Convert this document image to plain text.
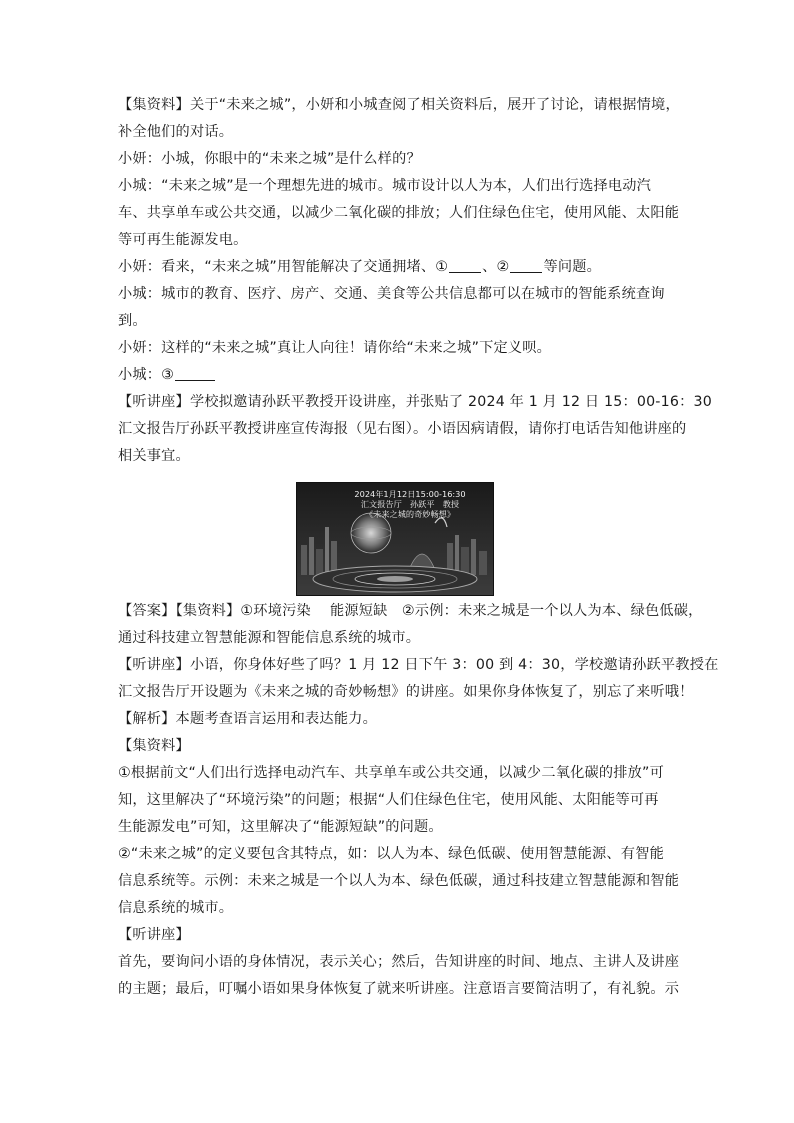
【集资料】关于“未来之城”，小妍和小城查阅了相关资料后，展开了讨论，请根据情境，
补全他们的对话。
小妍：小城，你眼中的“未来之城”是什么样的？
小城：“未来之城”是一个理想先进的城市。城市设计以人为本，人们出行选择电动汽
车、共享单车或公共交通，以减少二氧化碳的排放；人们住绿色住宅，使用风能、太阳能
等可再生能源发电。
小妍：看来，“未来之城”用智能解决了交通拥堵、① 、② 等问题。
小城：城市的教育、医疗、房产、交通、美食等公共信息都可以在城市的智能系统查询
到。
小妍：这样的“未来之城”真让人向往！请你给“未来之城”下定义呗。
小城：③
【听讲座】学校拟邀请孙跃平教授开设讲座，并张贴了 2024 年 1 月 12 日 15：00-16：30
汇文报告厅孙跃平教授讲座宣传海报（见右图）。小语因病请假，请你打电话告知他讲座的
相关事宜。
2024年1月12日15:00-16:30
汇文报告厅　孙跃平　教授
《未来之城的奇妙畅想》
【答案】【集资料】①环境污染　 能源短缺　②示例：未来之城是一个以人为本、绿色低碳，
通过科技建立智慧能源和智能信息系统的城市。
【听讲座】小语，你身体好些了吗？1 月 12 日下午 3：00 到 4：30，学校邀请孙跃平教授在
汇文报告厅开设题为《未来之城的奇妙畅想》的讲座。如果你身体恢复了，别忘了来听哦！
【解析】本题考查语言运用和表达能力。
【集资料】
①根据前文“人们出行选择电动汽车、共享单车或公共交通，以减少二氧化碳的排放”可
知，这里解决了“环境污染”的问题；根据“人们住绿色住宅，使用风能、太阳能等可再
生能源发电”可知，这里解决了“能源短缺”的问题。
②“未来之城”的定义要包含其特点，如：以人为本、绿色低碳、使用智慧能源、有智能
信息系统等。示例：未来之城是一个以人为本、绿色低碳，通过科技建立智慧能源和智能
信息系统的城市。
【听讲座】
首先，要询问小语的身体情况，表示关心；然后，告知讲座的时间、地点、主讲人及讲座
的主题；最后，叮嘱小语如果身体恢复了就来听讲座。注意语言要简洁明了，有礼貌。示
